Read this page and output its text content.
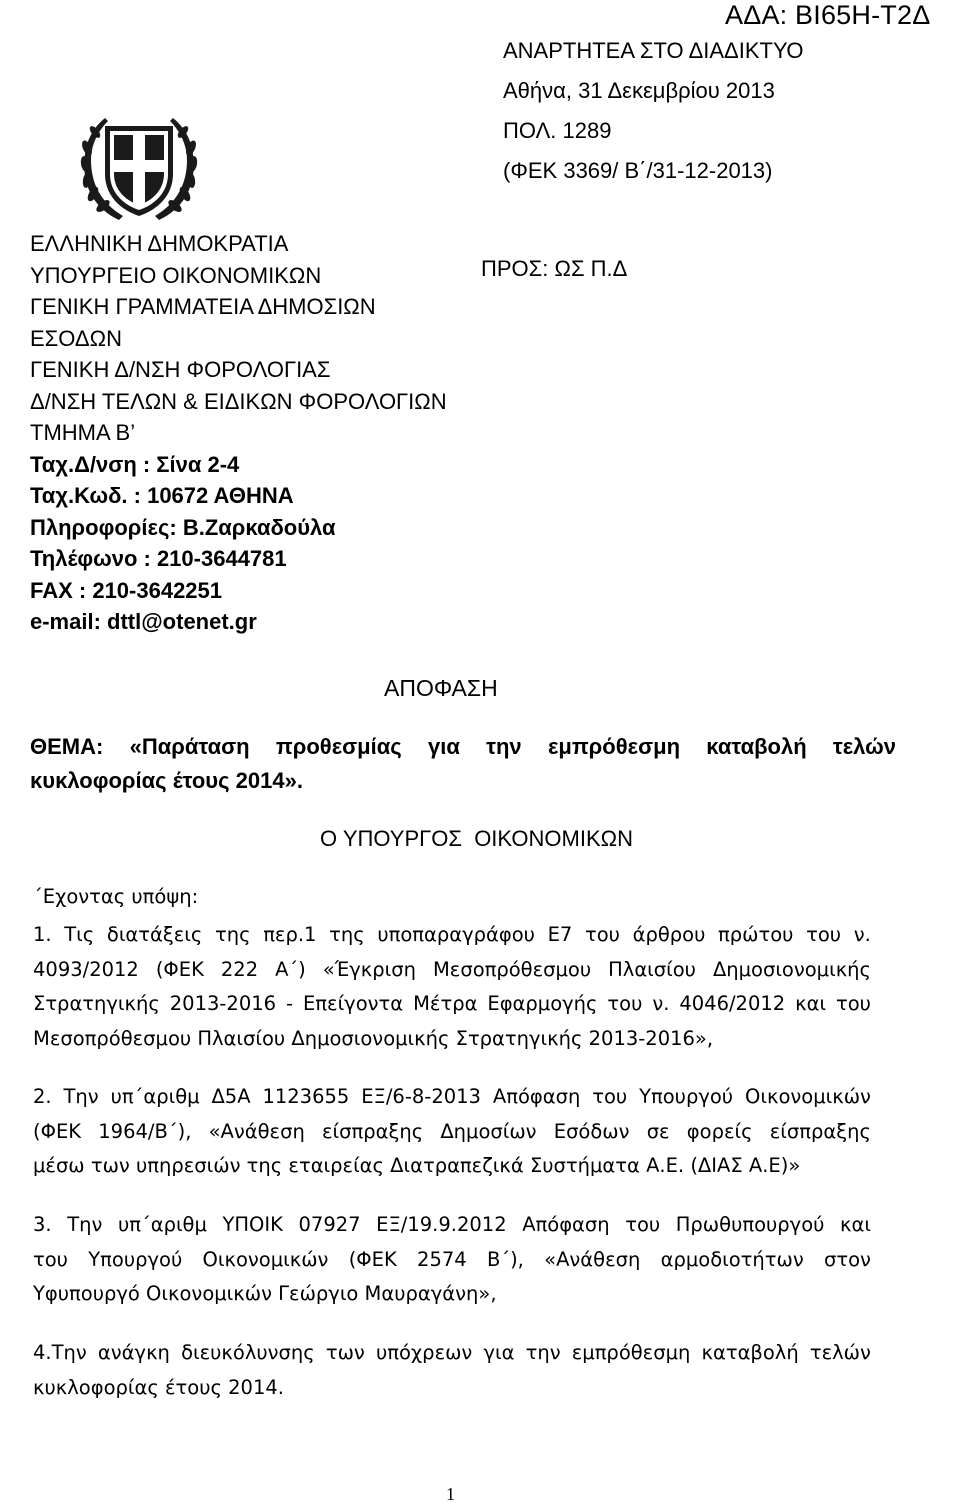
ΑΔΑ: ΒΙ65Η-Τ2Δ
ΑΝΑΡΤΗΤΕΑ ΣΤΟ ΔΙΑΔΙΚΤΥΟ
Αθήνα, 31 Δεκεμβρίου 2013
ΠΟΛ. 1289
(ΦΕΚ 3369/ Β΄/31-12-2013)
ΕΛΛΗΝΙΚΗ ΔΗΜΟΚΡΑΤΙΑ
ΥΠΟΥΡΓΕΙΟ ΟΙΚΟΝΟΜΙΚΩΝ
ΓΕΝΙΚΗ ΓΡΑΜΜΑΤΕΙΑ ΔΗΜΟΣΙΩΝ
ΕΣΟΔΩΝ
ΓΕΝΙΚΗ Δ/ΝΣΗ ΦΟΡΟΛΟΓΙΑΣ
Δ/ΝΣΗ ΤΕΛΩΝ & ΕΙΔΙΚΩΝ ΦΟΡΟΛΟΓΙΩΝ
ΤΜΗΜΑ Β’
Ταχ.Δ/νση : Σίνα 2-4
Ταχ.Κωδ. : 10672 ΑΘΗΝΑ
Πληροφορίες: Β.Ζαρκαδούλα
Τηλέφωνο : 210-3644781
FAX : 210-3642251
e-mail: dttl@otenet.gr
ΠΡΟΣ: ΩΣ Π.Δ
ΑΠΟΦΑΣΗ
ΘΕΜΑ: «Παράταση προθεσμίας για την εμπρόθεσμη καταβολή τελών
κυκλοφορίας έτους 2014».
Ο ΥΠΟΥΡΓΟΣ  ΟΙΚΟΝΟΜΙΚΩΝ
΄Εχοντας υπόψη:
1. Τις διατάξεις της περ.1 της υποπαραγράφου Ε7 του άρθρου πρώτου του ν.
4093/2012 (ΦΕΚ 222 Α΄) «Έγκριση Μεσοπρόθεσμου Πλαισίου Δημοσιονομικής
Στρατηγικής 2013-2016 - Επείγοντα Μέτρα Εφαρμογής του ν. 4046/2012 και του
Μεσοπρόθεσμου Πλαισίου Δημοσιονομικής Στρατηγικής 2013-2016»,
2. Την υπ΄αριθμ Δ5Α 1123655 ΕΞ/6-8-2013 Απόφαση του Υπουργού Οικονομικών
(ΦΕΚ 1964/Β΄), «Ανάθεση είσπραξης Δημοσίων Εσόδων σε φορείς είσπραξης
μέσω των υπηρεσιών της εταιρείας Διατραπεζικά Συστήματα Α.Ε. (ΔΙΑΣ Α.Ε)»
3. Την υπ΄αριθμ ΥΠΟΙΚ 07927 ΕΞ/19.9.2012 Απόφαση του Πρωθυπουργού και
του Υπουργού Οικονομικών (ΦΕΚ 2574 Β΄), «Ανάθεση αρμοδιοτήτων στον
Υφυπουργό Οικονομικών Γεώργιο Μαυραγάνη»,
4.Την ανάγκη διευκόλυνσης των υπόχρεων για την εμπρόθεσμη καταβολή τελών
κυκλοφορίας έτους 2014.
1
